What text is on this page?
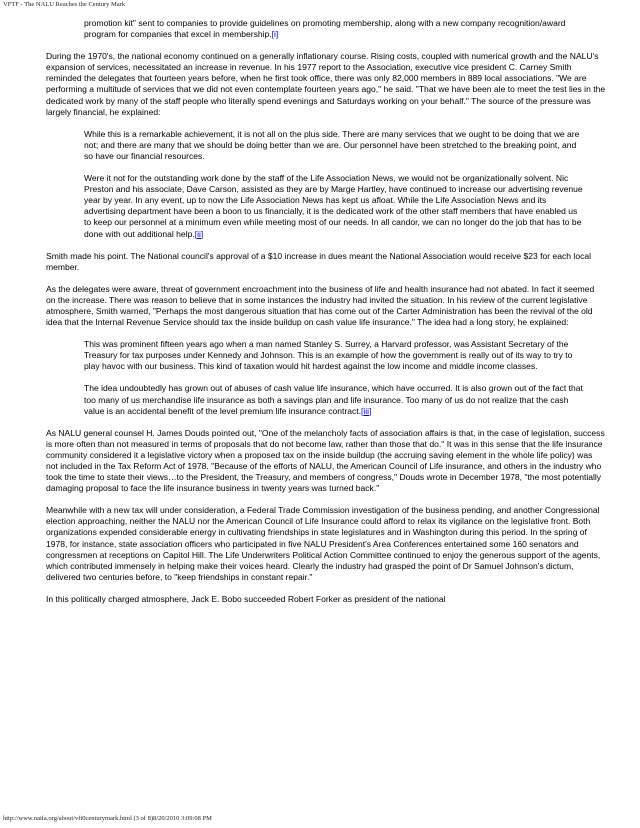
VFTF - The NALU Reaches the Century Mark

promotion kit" sent to companies to provide guidelines on promoting membership, along with a new company recognition/award program for companies that excel in membership.[i]

During the 1970's, the national economy continued on a generally inflationary course. Rising costs, coupled with numerical growth and the NALU's expansion of services, necessitated an increase in revenue. In his 1977 report to the Association, executive vice president C. Carney Smith reminded the delegates that fourteen years before, when he first took office, there was only 82,000 members in 889 local associations. "We are performing a multitude of services that we did not even contemplate fourteen years ago," he said. "That we have been ale to meet the test lies in the dedicated work by many of the staff people who literally spend evenings and Saturdays working on your behalf." The source of the pressure was largely financial, he explained:

While this is a remarkable achievement, it is not all on the plus side. There are many services that we ought to be doing that we are not; and there are many that we should be doing better than we are. Our personnel have been stretched to the breaking point, and so have our financial resources.
Were it not for the outstanding work done by the staff of the Life Association News, we would not be organizationally solvent. Nic Preston and his associate, Dave Carson, assisted as they are by Marge Hartley, have continued to increase our advertising revenue year by year. In any event, up to now the Life Association News has kept us afloat. While the Life Association News and its advertising department have been a boon to us financially, it is the dedicated work of the other staff members that have enabled us to keep our personnel at a minimum even while meeting most of our needs. In all candor, we can no longer do the job that has to be done with out additional help.[ii]

Smith made his point. The National council's approval of a $10 increase in dues meant the National Association would receive $23 for each local member.

As the delegates were aware, threat of government encroachment into the business of life and health insurance had not abated. In fact it seemed on the increase. There was reason to believe that in some instances the industry had invited the situation. In his review of the current legislative atmosphere, Smith warned, "Perhaps the most dangerous situation that has come out of the Carter Administration has been the revival of the old idea that the Internal Revenue Service should tax the inside buildup on cash value life insurance." The idea had a long story, he explained:

This was prominent fifteen years ago when a man named Stanley S. Surrey, a Harvard professor, was Assistant Secretary of the Treasury for tax purposes under Kennedy and Johnson. This is an example of how the government is really out of its way to try to play havoc with our business. This kind of taxation would hit hardest against the low income and middle income classes.
The idea undoubtedly has grown out of abuses of cash value life insurance, which have occurred. It is also grown out of the fact that too many of us merchandise life insurance as both a savings plan and life insurance. Too many of us do not realize that the cash value is an accidental benefit of the level premium life insurance contract.[iii]

As NALU general counsel H. James Douds pointed out, "One of the melancholy facts of association affairs is that, in the case of legislation, success is more often than not measured in terms of proposals that do not become law, rather than those that do." It was in this sense that the life insurance community considered it a legislative victory when a proposed tax on the inside buildup (the accruing saving element in the whole life policy) was not included in the Tax Reform Act of 1978. "Because of the efforts of NALU, the American Council of Life insurance, and others in the industry who took the time to state their views…to the President, the Treasury, and members of congress," Douds wrote in December 1978, "the most potentially damaging proposal to face the life insurance business in twenty years was turned back."

Meanwhile with a new tax will under consideration, a Federal Trade Commission investigation of the business pending, and another Congressional election approaching, neither the NALU nor the American Council of Life Insurance could afford to relax its vigilance on the legislative front. Both organizations expended considerable energy in cultivating friendships in state legislatures and in Washington during this period. In the spring of 1978, for instance, state association officers who participated in five NALU President's Area Conferences entertained some 160 senators and congressmen at receptions on Capitol Hill. The Life Underwriters Political Action Committee continued to enjoy the generous support of the agents, which contributed immensely in helping make their voices heard. Clearly the industry had grasped the point of Dr Samuel Johnson's dictum, delivered two centuries before, to "keep friendships in constant repair."

In this politically charged atmosphere, Jack E. Bobo succeeded Robert Forker as president of the national

http://www.naifa.org/about/vft0centurymark.html (3 of 8)8/20/2010 3:09:08 PM
